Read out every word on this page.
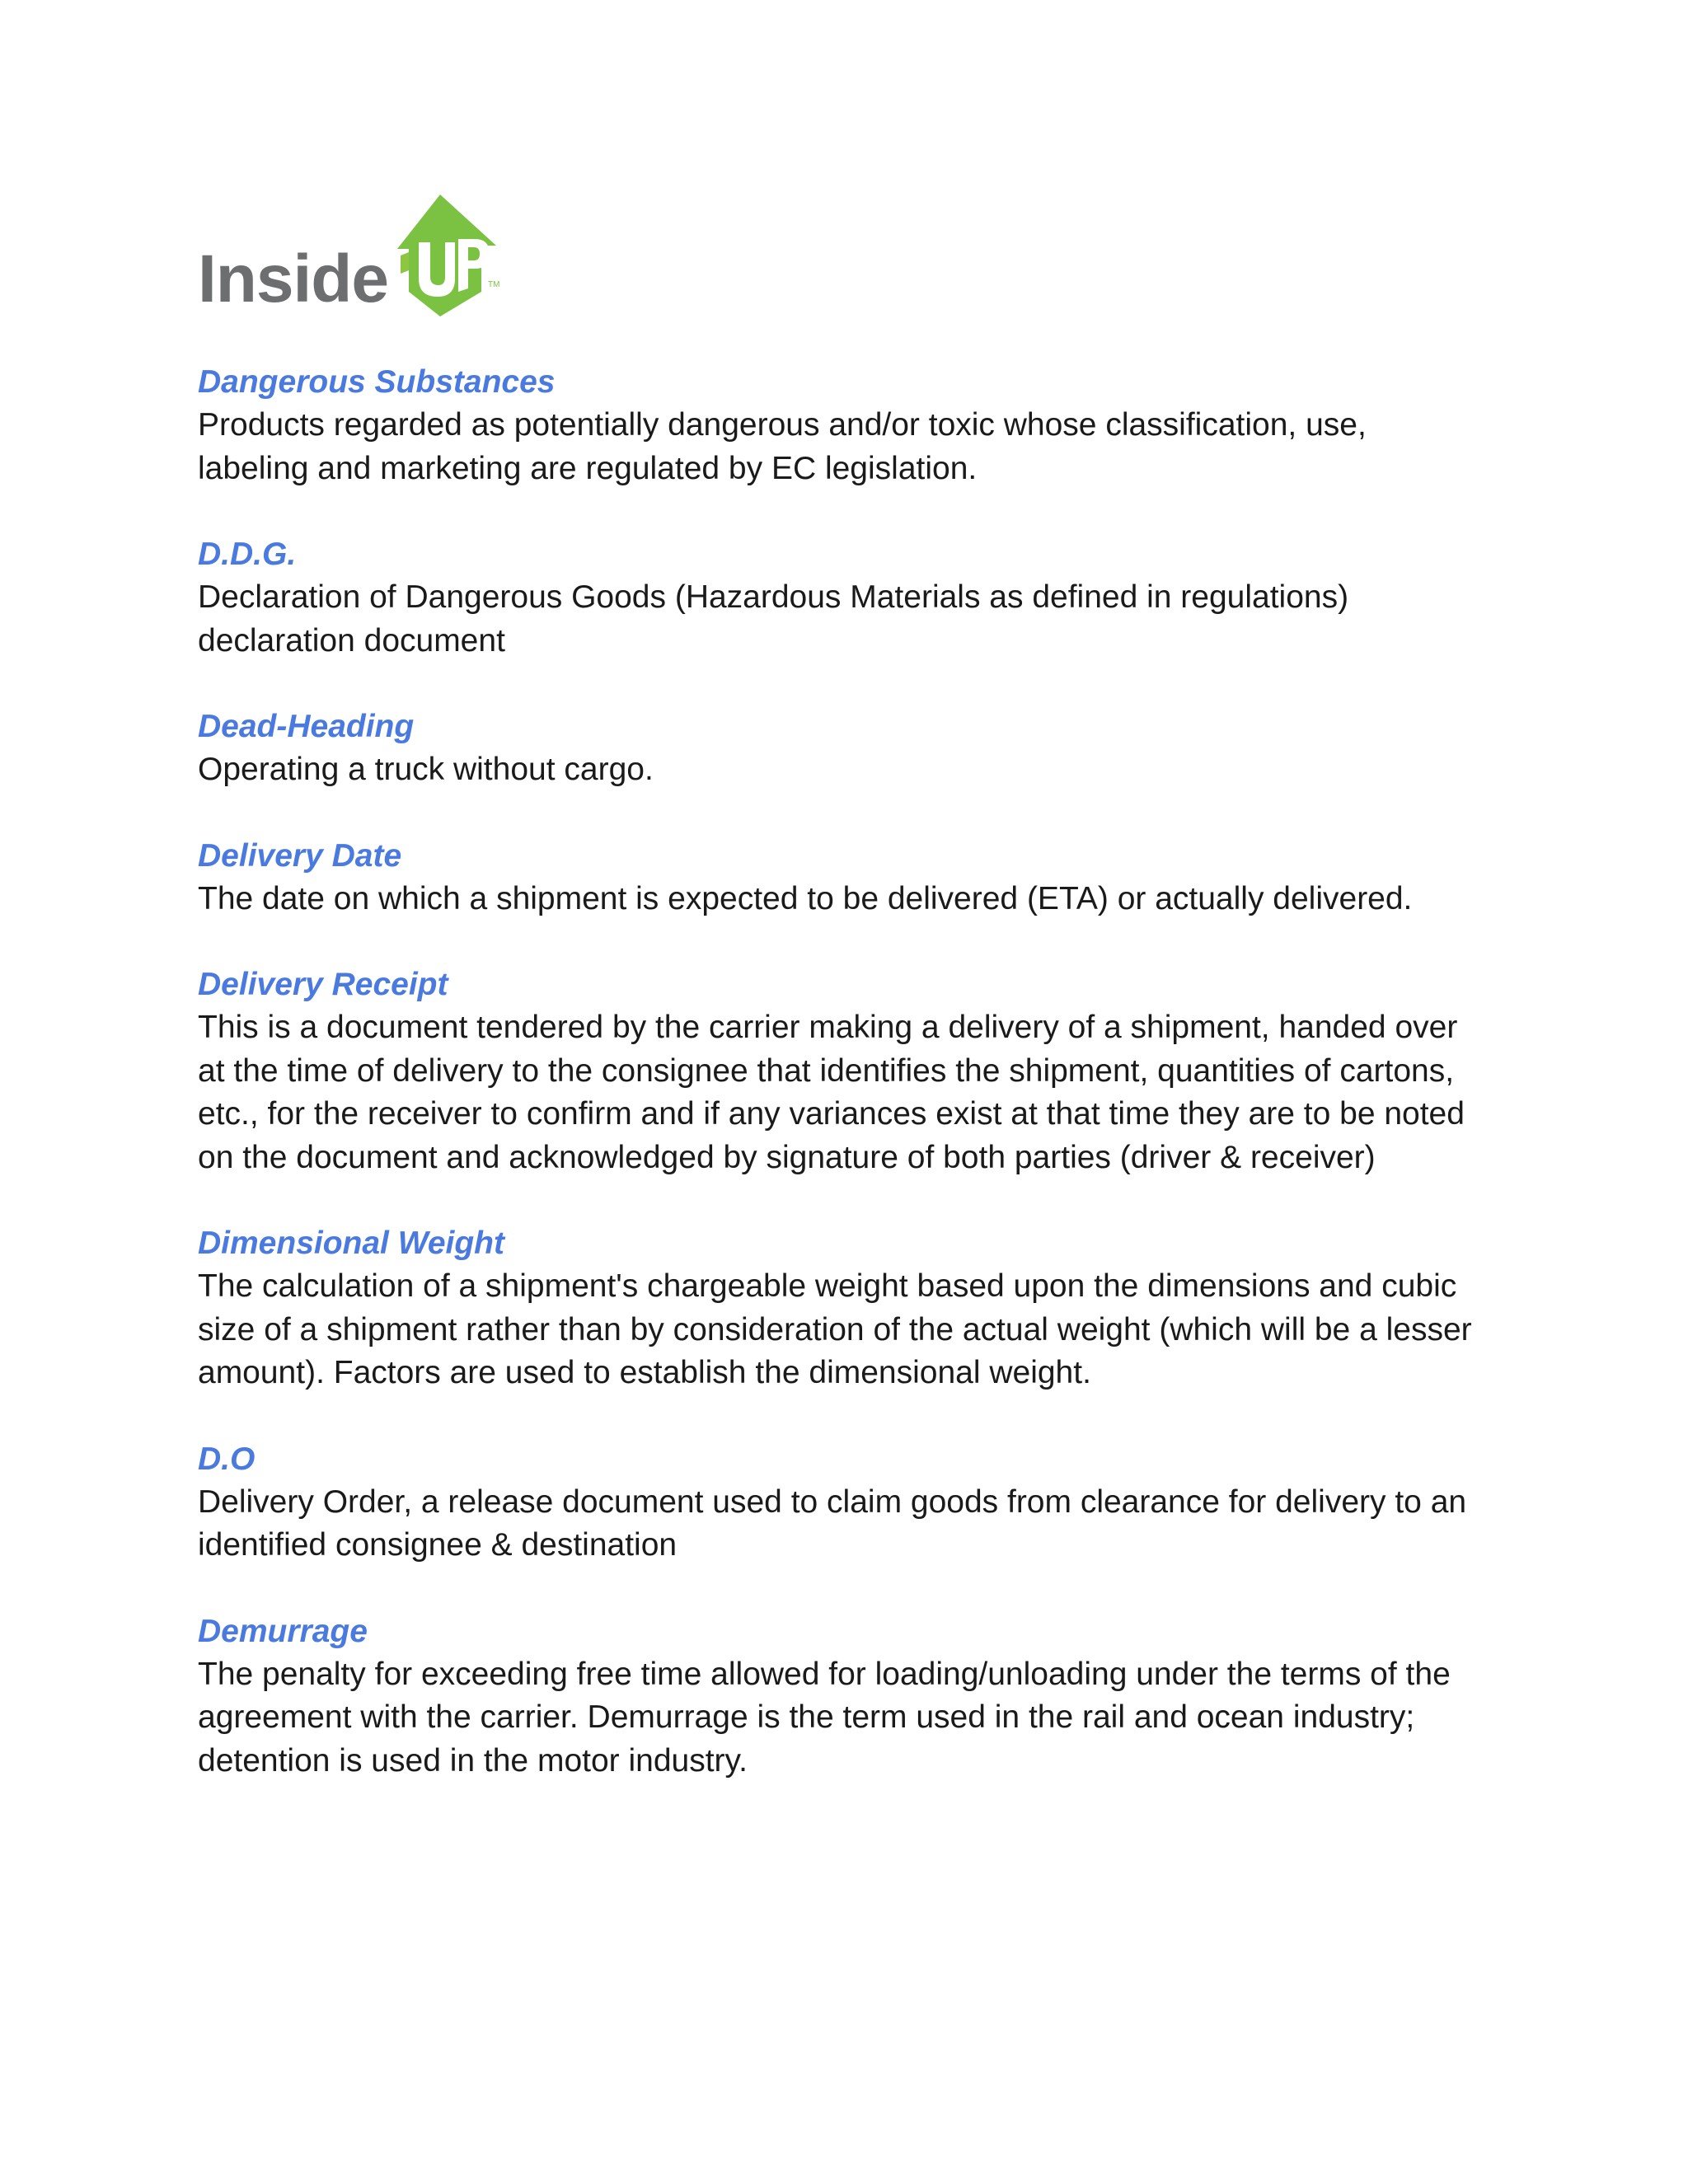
Inside	TM

Dangerous Substances

Products regarded as potentially dangerous and/or toxic whose classification, use, labeling and marketing are regulated by EC legislation.

D.D.G.

Declaration of Dangerous Goods (Hazardous Materials as defined in regulations) declaration document

Dead-Heading

Operating a truck without cargo.

Delivery Date

The date on which a shipment is expected to be delivered (ETA) or actually delivered.

Delivery Receipt

This is a document tendered by the carrier making a delivery of a shipment, handed over at the time of delivery to the consignee that identifies the shipment, quantities of cartons, etc., for the receiver to confirm and if any variances exist at that time they are to be noted on the document and acknowledged by signature of both parties (driver & receiver)

Dimensional Weight

The calculation of a shipment's chargeable weight based upon the dimensions and cubic size of a shipment rather than by consideration of the actual weight (which will be a lesser amount). Factors are used to establish the dimensional weight.

D.O

Delivery Order, a release document used to claim goods from clearance for delivery to an identified consignee & destination

Demurrage

The penalty for exceeding free time allowed for loading/unloading under the terms of the agreement with the carrier. Demurrage is the term used in the rail and ocean industry; detention is used in the motor industry.
